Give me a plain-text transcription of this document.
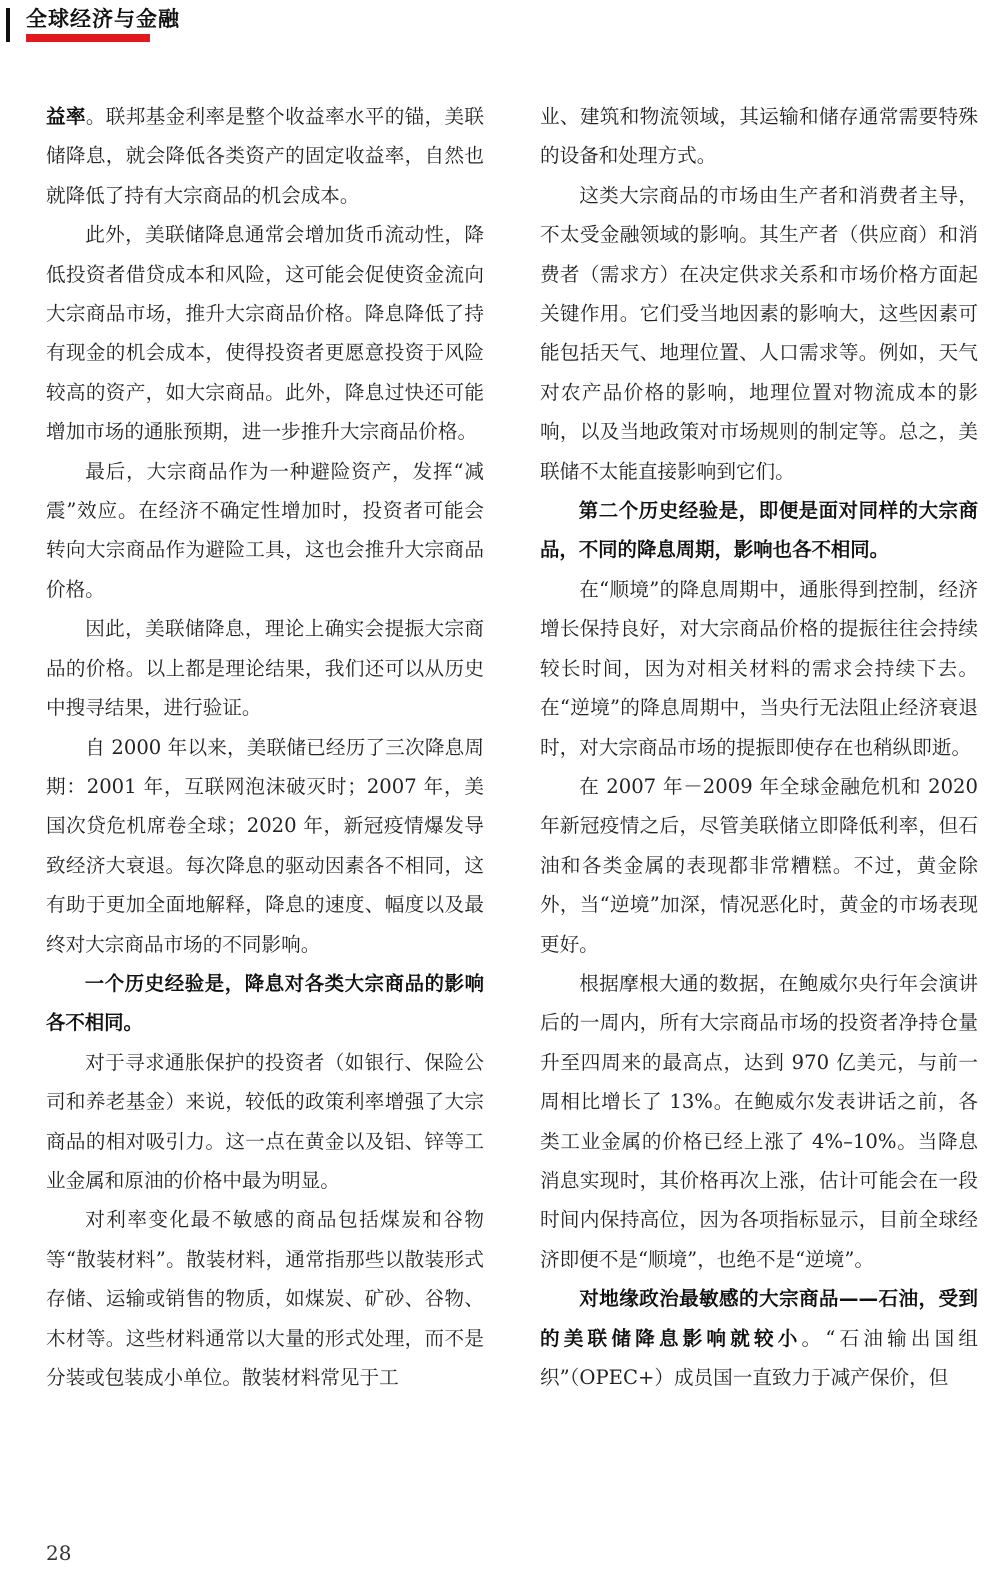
全球经济与金融

益率。联邦基金利率是整个收益率水平的锚，美联储降息，就会降低各类资产的固定收益率，自然也就降低了持有大宗商品的机会成本。

此外，美联储降息通常会增加货币流动性，降低投资者借贷成本和风险，这可能会促使资金流向大宗商品市场，推升大宗商品价格。降息降低了持有现金的机会成本，使得投资者更愿意投资于风险较高的资产，如大宗商品。此外，降息过快还可能增加市场的通胀预期，进一步推升大宗商品价格。

最后，大宗商品作为一种避险资产，发挥“减震”效应。在经济不确定性增加时，投资者可能会转向大宗商品作为避险工具，这也会推升大宗商品价格。

因此，美联储降息，理论上确实会提振大宗商品的价格。以上都是理论结果，我们还可以从历史中搜寻结果，进行验证。

自 2000 年以来，美联储已经历了三次降息周期：2001 年，互联网泡沫破灭时；2007 年，美国次贷危机席卷全球；2020 年，新冠疫情爆发导致经济大衰退。每次降息的驱动因素各不相同，这有助于更加全面地解释，降息的速度、幅度以及最终对大宗商品市场的不同影响。

一个历史经验是，降息对各类大宗商品的影响各不相同。

对于寻求通胀保护的投资者（如银行、保险公司和养老基金）来说，较低的政策利率增强了大宗商品的相对吸引力。这一点在黄金以及铝、锌等工业金属和原油的价格中最为明显。

对利率变化最不敏感的商品包括煤炭和谷物等“散装材料”。散装材料，通常指那些以散装形式存储、运输或销售的物质，如煤炭、矿砂、谷物、木材等。这些材料通常以大量的形式处理，而不是分装或包装成小单位。散装材料常见于工

业、建筑和物流领域，其运输和储存通常需要特殊的设备和处理方式。

这类大宗商品的市场由生产者和消费者主导，不太受金融领域的影响。其生产者（供应商）和消费者（需求方）在决定供求关系和市场价格方面起关键作用。它们受当地因素的影响大，这些因素可能包括天气、地理位置、人口需求等。例如，天气对农产品价格的影响，地理位置对物流成本的影响，以及当地政策对市场规则的制定等。总之，美联储不太能直接影响到它们。

第二个历史经验是，即便是面对同样的大宗商品，不同的降息周期，影响也各不相同。

在“顺境”的降息周期中，通胀得到控制，经济增长保持良好，对大宗商品价格的提振往往会持续较长时间，因为对相关材料的需求会持续下去。在“逆境”的降息周期中，当央行无法阻止经济衰退时，对大宗商品市场的提振即使存在也稍纵即逝。

在 2007 年－2009 年全球金融危机和 2020 年新冠疫情之后，尽管美联储立即降低利率，但石油和各类金属的表现都非常糟糕。不过，黄金除外，当“逆境”加深，情况恶化时，黄金的市场表现更好。

根据摩根大通的数据，在鲍威尔央行年会演讲后的一周内，所有大宗商品市场的投资者净持仓量升至四周来的最高点，达到 970 亿美元，与前一周相比增长了 13%。在鲍威尔发表讲话之前，各类工业金属的价格已经上涨了 4%–10%。当降息消息实现时，其价格再次上涨，估计可能会在一段时间内保持高位，因为各项指标显示，目前全球经济即便不是“顺境”，也绝不是“逆境”。

对地缘政治最敏感的大宗商品——石油，受到的美联储降息影响就较小。“石油输出国组织”（OPEC+）成员国一直致力于减产保价，但

28
